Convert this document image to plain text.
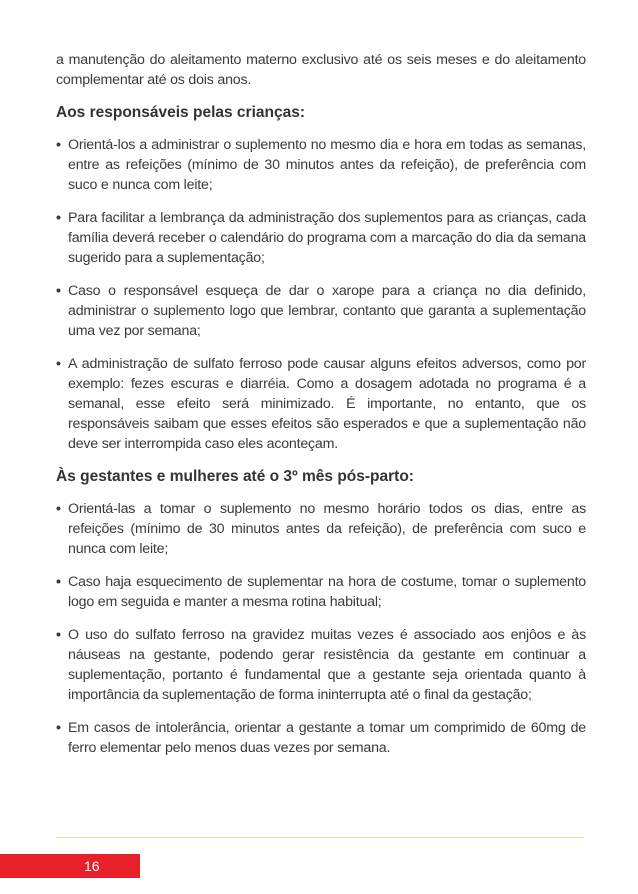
a manutenção do aleitamento materno exclusivo até os seis meses e do aleitamento complementar até os dois anos.

Aos responsáveis pelas crianças:
• Orientá-los a administrar o suplemento no mesmo dia e hora em todas as semanas, entre as refeições (mínimo de 30 minutos antes da refeição), de preferência com suco e nunca com leite;
• Para facilitar a lembrança da administração dos suplementos para as crianças, cada família deverá receber o calendário do programa com a marcação do dia da semana sugerido para a suplementação;
• Caso o responsável esqueça de dar o xarope para a criança no dia definido, administrar o suplemento logo que lembrar, contanto que garanta a suplementação uma vez por semana;
• A administração de sulfato ferroso pode causar alguns efeitos adversos, como por exemplo: fezes escuras e diarréia. Como a dosagem adotada no programa é a semanal, esse efeito será minimizado. É importante, no entanto, que os responsáveis saibam que esses efeitos são esperados e que a suplementação não deve ser interrompida caso eles aconteçam.
Às gestantes e mulheres até o 3º mês pós-parto:
• Orientá-las a tomar o suplemento no mesmo horário todos os dias, entre as refeições (mínimo de 30 minutos antes da refeição), de preferência com suco e nunca com leite;
• Caso haja esquecimento de suplementar na hora de costume, tomar o suplemento logo em seguida e manter a mesma rotina habitual;
• O uso do sulfato ferroso na gravidez muitas vezes é associado aos enjôos e às náuseas na gestante, podendo gerar resistência da gestante em continuar a suplementação, portanto é fundamental que a gestante seja orientada quanto à importância da suplementação de forma ininterrupta até o final da gestação;
• Em casos de intolerância, orientar a gestante a tomar um comprimido de 60mg de ferro elementar pelo menos duas vezes por semana.
16
